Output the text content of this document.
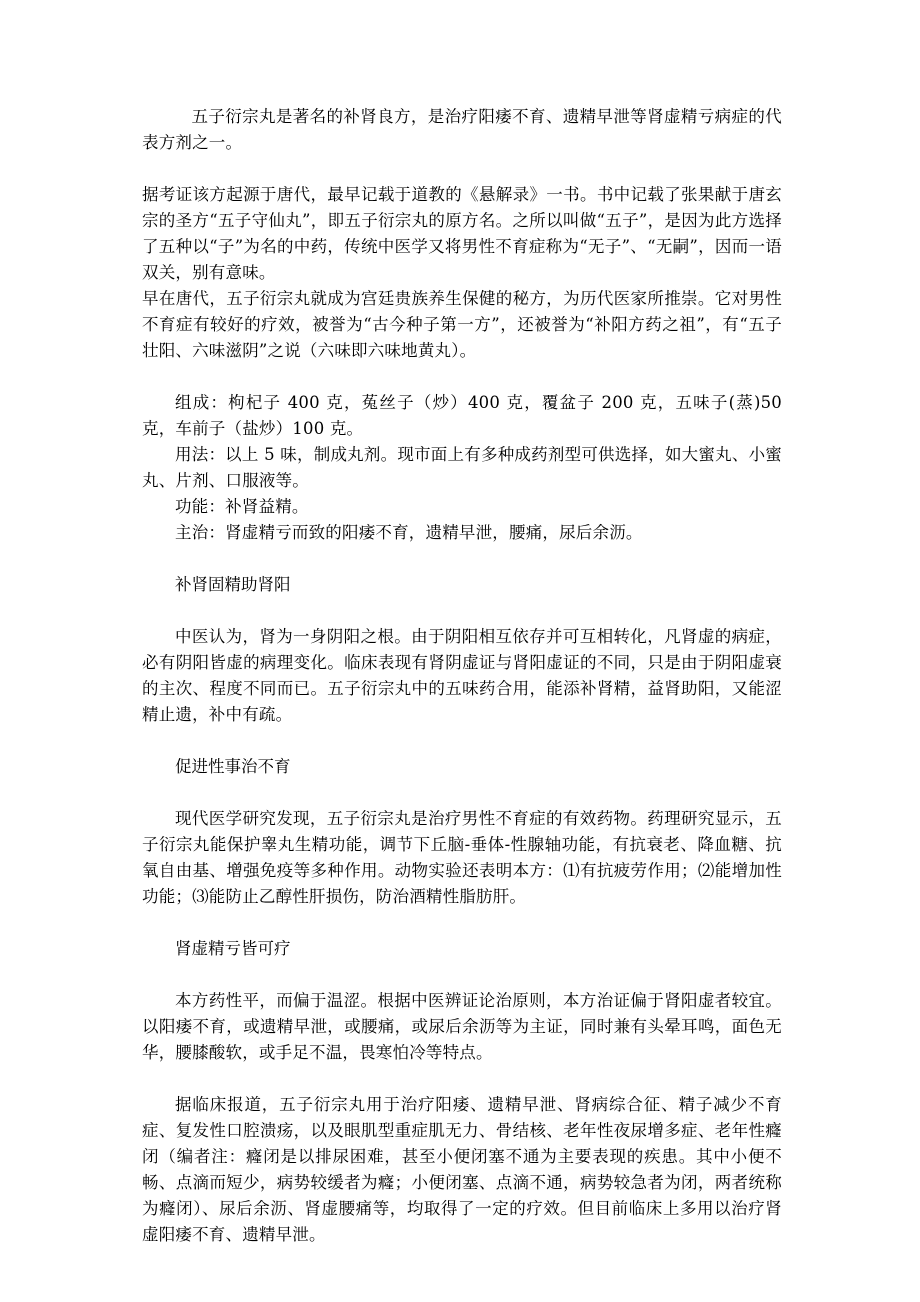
五子衍宗丸是著名的补肾良方，是治疗阳痿不育、遗精早泄等肾虚精亏病症的代表方剂之一。

据考证该方起源于唐代，最早记载于道教的《悬解录》一书。书中记载了张果献于唐玄宗的圣方“五子守仙丸”，即五子衍宗丸的原方名。之所以叫做“五子”，是因为此方选择了五种以“子”为名的中药，传统中医学又将男性不育症称为“无子”、“无嗣”，因而一语双关，别有意味。

早在唐代，五子衍宗丸就成为宫廷贵族养生保健的秘方，为历代医家所推崇。它对男性不育症有较好的疗效，被誉为“古今种子第一方”，还被誉为“补阳方药之祖”，有“五子壮阳、六味滋阴”之说（六味即六味地黄丸）。

组成：枸杞子 400 克，菟丝子（炒）400 克，覆盆子 200 克，五味子(蒸)50 克，车前子（盐炒）100 克。

用法：以上 5 味，制成丸剂。现市面上有多种成药剂型可供选择，如大蜜丸、小蜜丸、片剂、口服液等。

功能：补肾益精。

主治：肾虚精亏而致的阳痿不育，遗精早泄，腰痛，尿后余沥。

补肾固精助肾阳

中医认为，肾为一身阴阳之根。由于阴阳相互依存并可互相转化，凡肾虚的病症，必有阴阳皆虚的病理变化。临床表现有肾阴虚证与肾阳虚证的不同，只是由于阴阳虚衰的主次、程度不同而已。五子衍宗丸中的五味药合用，能添补肾精，益肾助阳，又能涩精止遗，补中有疏。

促进性事治不育

现代医学研究发现，五子衍宗丸是治疗男性不育症的有效药物。药理研究显示，五子衍宗丸能保护睾丸生精功能，调节下丘脑-垂体-性腺轴功能，有抗衰老、降血糖、抗氧自由基、增强免疫等多种作用。动物实验还表明本方：⑴有抗疲劳作用；⑵能增加性功能；⑶能防止乙醇性肝损伤，防治酒精性脂肪肝。

肾虚精亏皆可疗

本方药性平，而偏于温涩。根据中医辨证论治原则，本方治证偏于肾阳虚者较宜。以阳痿不育，或遗精早泄，或腰痛，或尿后余沥等为主证，同时兼有头晕耳鸣，面色无华，腰膝酸软，或手足不温，畏寒怕冷等特点。

据临床报道，五子衍宗丸用于治疗阳痿、遗精早泄、肾病综合征、精子减少不育症、复发性口腔溃疡，以及眼肌型重症肌无力、骨结核、老年性夜尿增多症、老年性癃闭（编者注：癃闭是以排尿困难，甚至小便闭塞不通为主要表现的疾患。其中小便不畅、点滴而短少，病势较缓者为癃；小便闭塞、点滴不通，病势较急者为闭，两者统称为癃闭）、尿后余沥、肾虚腰痛等，均取得了一定的疗效。但目前临床上多用以治疗肾虚阳痿不育、遗精早泄。
